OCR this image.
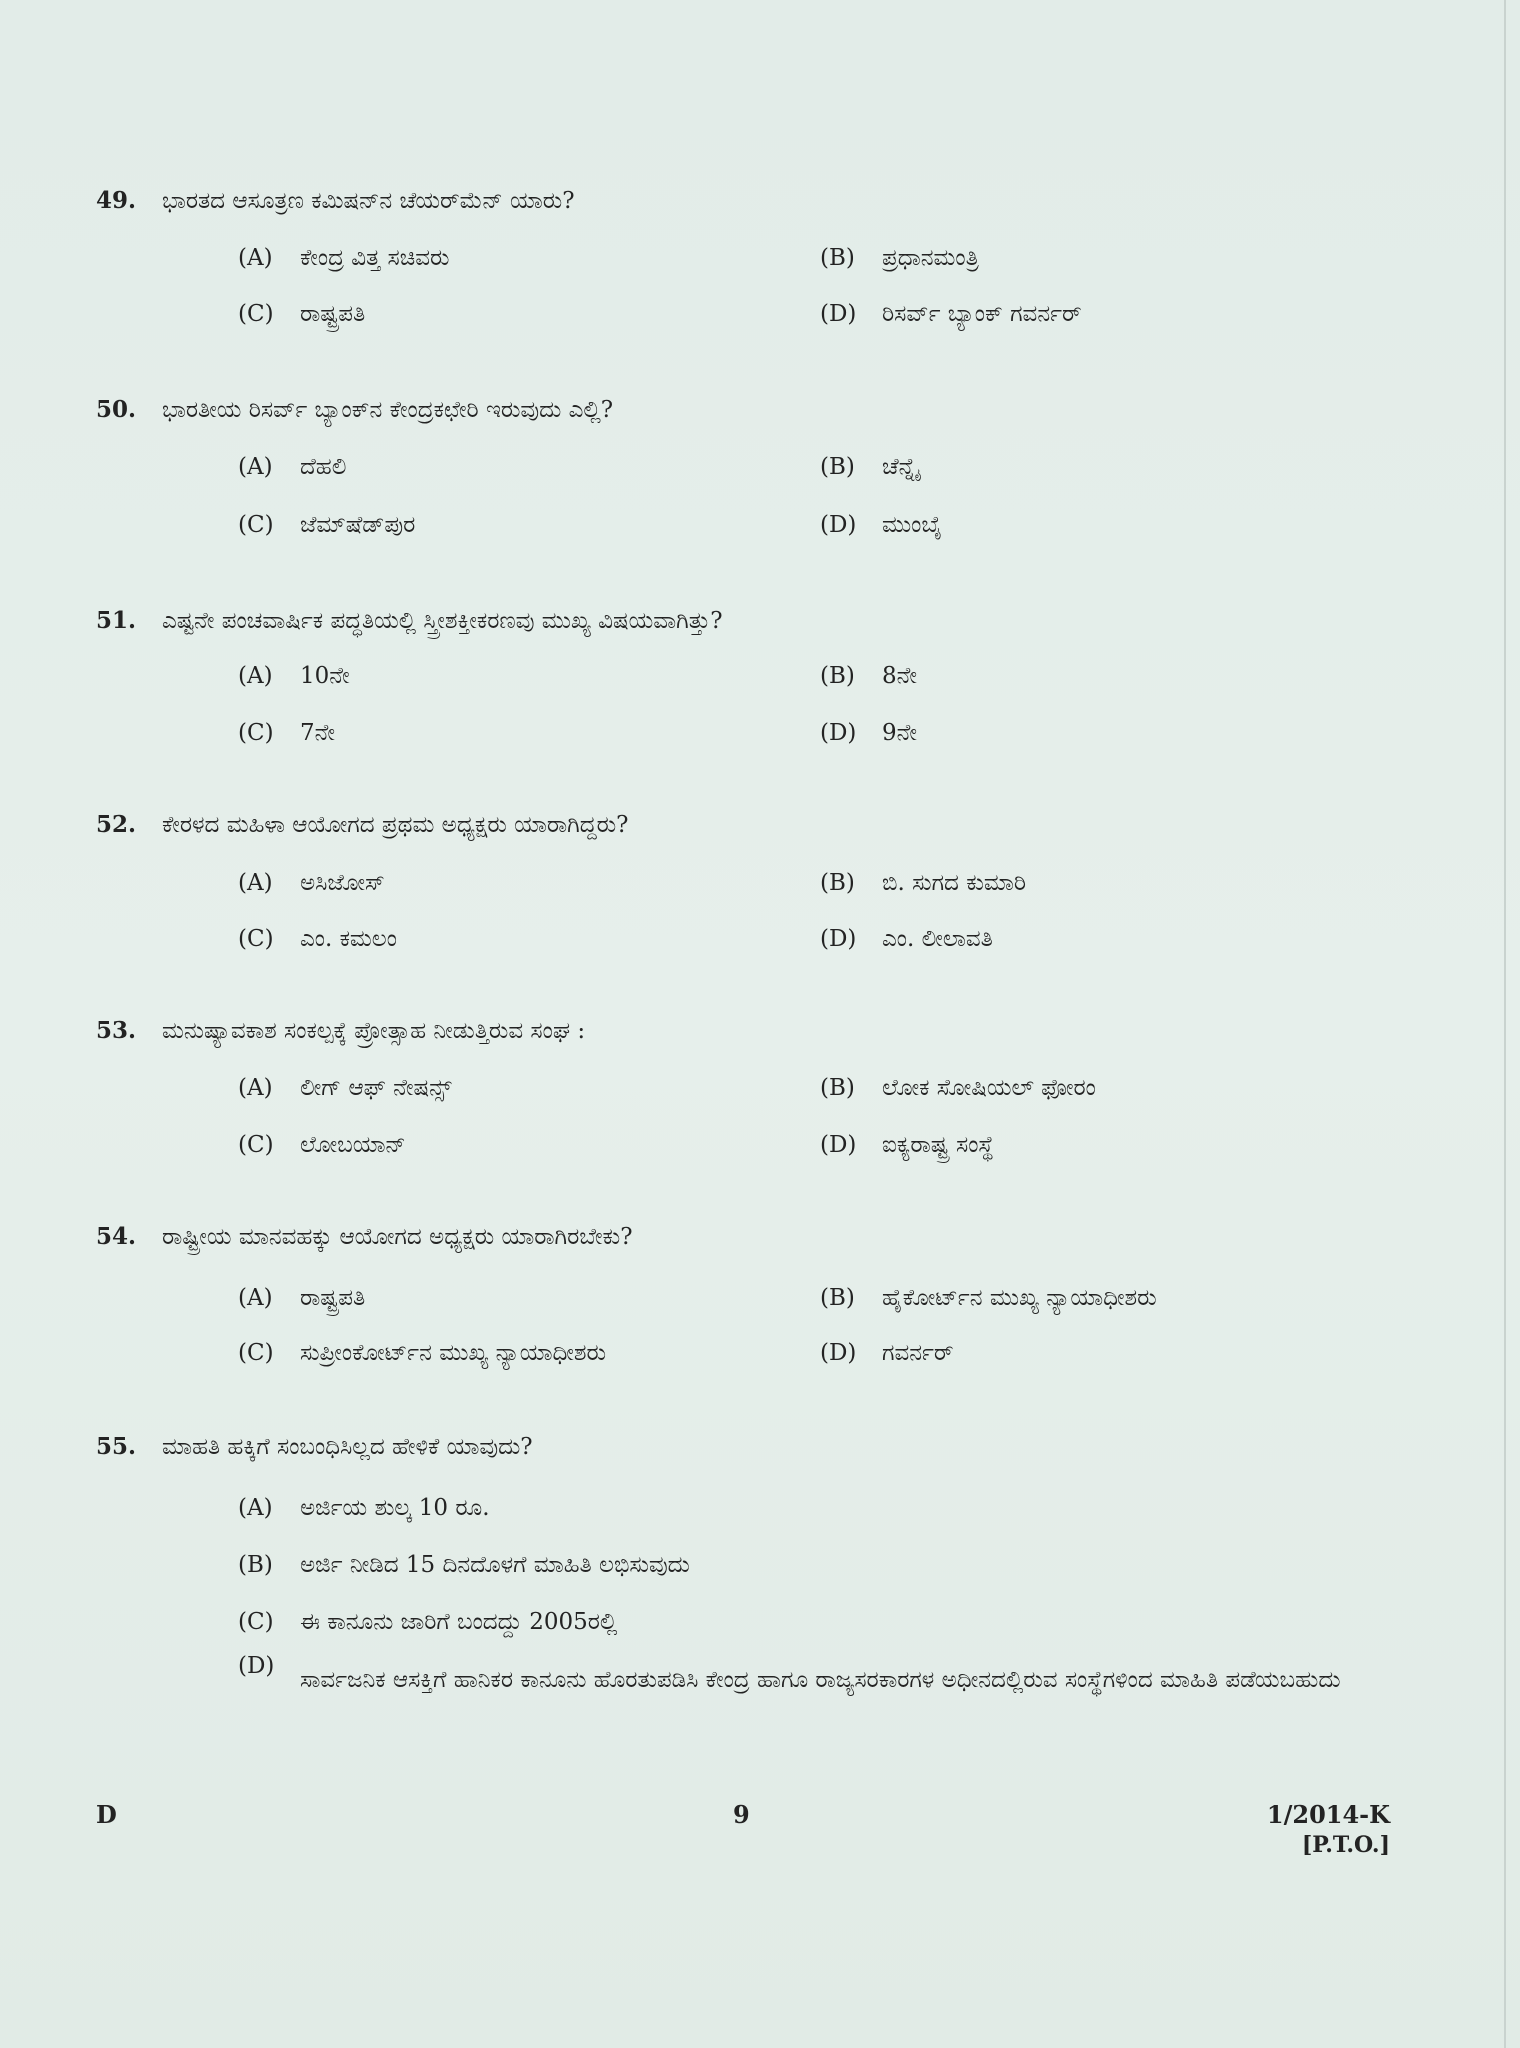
49.	ಭಾರತದ ಆಸೂತ್ರಣ ಕಮಿಷನ್‌ನ ಚೆಯರ್‌ಮೆನ್ ಯಾರು?
(A) ಕೇಂದ್ರ ವಿತ್ತ ಸಚಿವರು	(B) ಪ್ರಧಾನಮಂತ್ರಿ
(C) ರಾಷ್ಟ್ರಪತಿ	(D) ರಿಸರ್ವ್ ಬ್ಯಾಂಕ್ ಗವರ್ನರ್
50.	ಭಾರತೀಯ ರಿಸರ್ವ್ ಬ್ಯಾಂಕ್‌ನ ಕೇಂದ್ರಕಛೇರಿ ಇರುವುದು ಎಲ್ಲಿ?
(A) ದೆಹಲಿ	(B) ಚೆನ್ನೈ
(C) ಜೆಮ್‌ಷೆಡ್‌ಪುರ	(D) ಮುಂಬೈ
51.	ಎಷ್ಟನೇ ಪಂಚವಾರ್ಷಿಕ ಪದ್ಧತಿಯಲ್ಲಿ ಸ್ತ್ರೀಶಕ್ತೀಕರಣವು ಮುಖ್ಯ ವಿಷಯವಾಗಿತ್ತು?
(A) 10ನೇ	(B) 8ನೇ
(C) 7ನೇ	(D) 9ನೇ
52.	ಕೇರಳದ ಮಹಿಳಾ ಆಯೋಗದ ಪ್ರಥಮ ಅಧ್ಯಕ್ಷರು ಯಾರಾಗಿದ್ದರು?
(A) ಅಸಿಜೋಸ್	(B) ಬಿ. ಸುಗದ ಕುಮಾರಿ
(C) ಎಂ. ಕಮಲಂ	(D) ಎಂ. ಲೀಲಾವತಿ
53.	ಮನುಷ್ಯಾವಕಾಶ ಸಂಕಲ್ಪಕ್ಕೆ ಪ್ರೋತ್ಸಾಹ ನೀಡುತ್ತಿರುವ ಸಂಘ :
(A) ಲೀಗ್ ಆಫ್ ನೇಷನ್ಸ್	(B) ಲೋಕ ಸೋಷಿಯಲ್ ಫೋರಂ
(C) ಲೋಬಯಾನ್	(D) ಐಕ್ಯರಾಷ್ಟ್ರ ಸಂಸ್ಥೆ
54.	ರಾಷ್ಟ್ರೀಯ ಮಾನವಹಕ್ಕು ಆಯೋಗದ ಅಧ್ಯಕ್ಷರು ಯಾರಾಗಿರಬೇಕು?
(A) ರಾಷ್ಟ್ರಪತಿ	(B) ಹೈಕೋರ್ಟ್‌ನ ಮುಖ್ಯ ನ್ಯಾಯಾಧೀಶರು
(C) ಸುಪ್ರೀಂಕೋರ್ಟ್‌ನ ಮುಖ್ಯ ನ್ಯಾಯಾಧೀಶರು	(D) ಗವರ್ನರ್
55.	ಮಾಹತಿ ಹಕ್ಕಿಗೆ ಸಂಬಂಧಿಸಿಲ್ಲದ ಹೇಳಿಕೆ ಯಾವುದು?
(A) ಅರ್ಜಿಯ ಶುಲ್ಕ 10 ರೂ.
(B) ಅರ್ಜಿ ನೀಡಿದ 15 ದಿನದೊಳಗೆ ಮಾಹಿತಿ ಲಭಿಸುವುದು
(C) ಈ ಕಾನೂನು ಜಾರಿಗೆ ಬಂದದ್ದು 2005ರಲ್ಲಿ
(D)ಸಾರ್ವಜನಿಕ ಆಸಕ್ತಿಗೆ ಹಾನಿಕರ ಕಾನೂನು ಹೊರತುಪಡಿಸಿ ಕೇಂದ್ರ ಹಾಗೂ ರಾಜ್ಯಸರಕಾರಗಳ ಅಧೀನದಲ್ಲಿರುವ ಸಂಸ್ಥೆಗಳಿಂದ ಮಾಹಿತಿ ಪಡೆಯಬಹುದು
D	9	1/2014-K
[P.T.O.]
